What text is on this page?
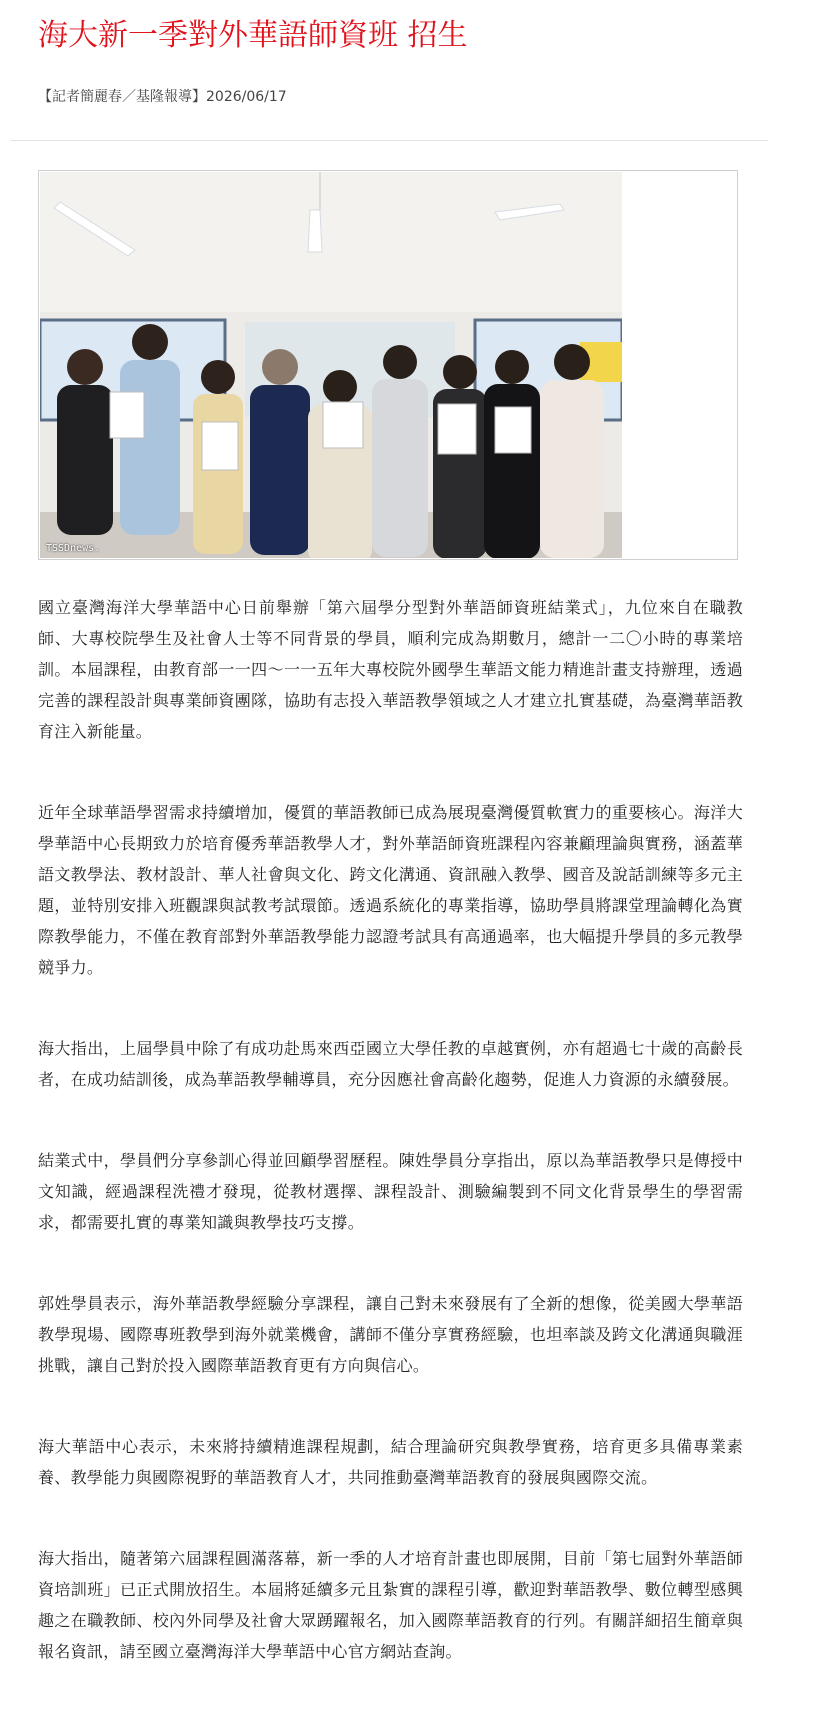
海大新一季對外華語師資班 招生
【記者簡麗春／基隆報導】2026/06/17
TSSDnews.

國立臺灣海洋大學華語中心日前舉辦「第六屆學分型對外華語師資班結業式」，九位來自在職教師、大專校院學生及社會人士等不同背景的學員，順利完成為期數月，總計一二〇小時的專業培訓。本屆課程，由教育部一一四～一一五年大專校院外國學生華語文能力精進計畫支持辦理，透過完善的課程設計與專業師資團隊，協助有志投入華語教學領域之人才建立扎實基礎，為臺灣華語教育注入新能量。

近年全球華語學習需求持續增加，優質的華語教師已成為展現臺灣優質軟實力的重要核心。海洋大學華語中心長期致力於培育優秀華語教學人才，對外華語師資班課程內容兼顧理論與實務，涵蓋華語文教學法、教材設計、華人社會與文化、跨文化溝通、資訊融入教學、國音及說話訓練等多元主題，並特別安排入班觀課與試教考試環節。透過系統化的專業指導，協助學員將課堂理論轉化為實際教學能力，不僅在教育部對外華語教學能力認證考試具有高通過率，也大幅提升學員的多元教學競爭力。

海大指出，上屆學員中除了有成功赴馬來西亞國立大學任教的卓越實例，亦有超過七十歲的高齡長者，在成功結訓後，成為華語教學輔導員，充分因應社會高齡化趨勢，促進人力資源的永續發展。

結業式中，學員們分享參訓心得並回顧學習歷程。陳姓學員分享指出，原以為華語教學只是傳授中文知識，經過課程洗禮才發現，從教材選擇、課程設計、測驗編製到不同文化背景學生的學習需求，都需要扎實的專業知識與教學技巧支撐。

郭姓學員表示，海外華語教學經驗分享課程，讓自己對未來發展有了全新的想像，從美國大學華語教學現場、國際專班教學到海外就業機會，講師不僅分享實務經驗，也坦率談及跨文化溝通與職涯挑戰，讓自己對於投入國際華語教育更有方向與信心。

海大華語中心表示，未來將持續精進課程規劃，結合理論研究與教學實務，培育更多具備專業素養、教學能力與國際視野的華語教育人才，共同推動臺灣華語教育的發展與國際交流。

海大指出，隨著第六屆課程圓滿落幕，新一季的人才培育計畫也即展開，目前「第七屆對外華語師資培訓班」已正式開放招生。本屆將延續多元且紮實的課程引導，歡迎對華語教學、數位轉型感興趣之在職教師、校內外同學及社會大眾踴躍報名，加入國際華語教育的行列。有關詳細招生簡章與報名資訊，請至國立臺灣海洋大學華語中心官方網站查詢。
